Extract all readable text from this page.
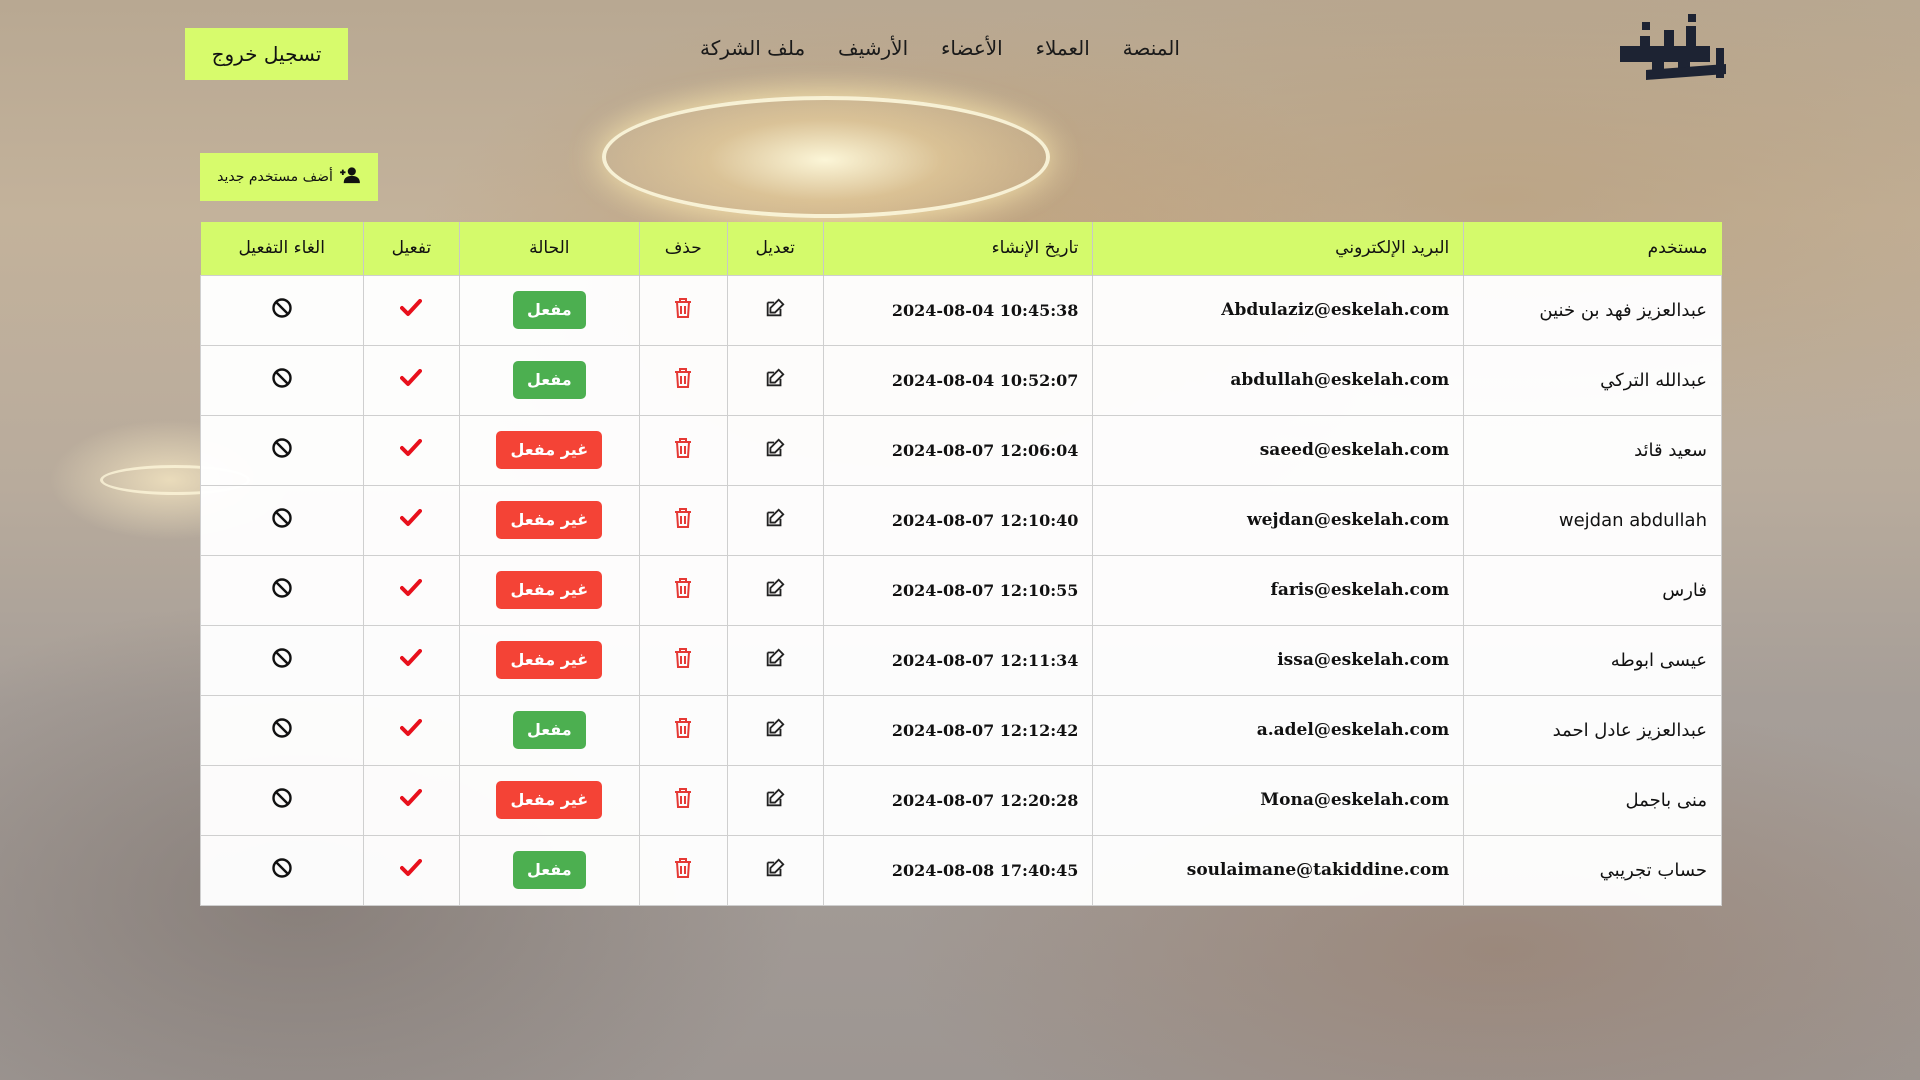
المنصة
العملاء
الأعضاء
الأرشيف
ملف الشركة
تسجيل خروج
أضف مستخدم جديد
مستخدم	البريد الإلكتروني	تاريخ الإنشاء	تعديل	حذف	الحالة	تفعيل	الغاء التفعيل
عبدالعزيز فهد بن خنين	Abdulaziz@eskelah.com	2024-08-04 10:45:38			مفعل		
عبدالله التركي	abdullah@eskelah.com	2024-08-04 10:52:07			مفعل		
سعيد قائد	saeed@eskelah.com	2024-08-07 12:06:04			غير مفعل		
wejdan abdullah	wejdan@eskelah.com	2024-08-07 12:10:40			غير مفعل		
فارس	faris@eskelah.com	2024-08-07 12:10:55			غير مفعل		
عيسى ابوطه	issa@eskelah.com	2024-08-07 12:11:34			غير مفعل		
عبدالعزيز عادل احمد	a.adel@eskelah.com	2024-08-07 12:12:42			مفعل		
منى باجمل	Mona@eskelah.com	2024-08-07 12:20:28			غير مفعل		
حساب تجريبي	soulaimane@takiddine.com	2024-08-08 17:40:45			مفعل		
